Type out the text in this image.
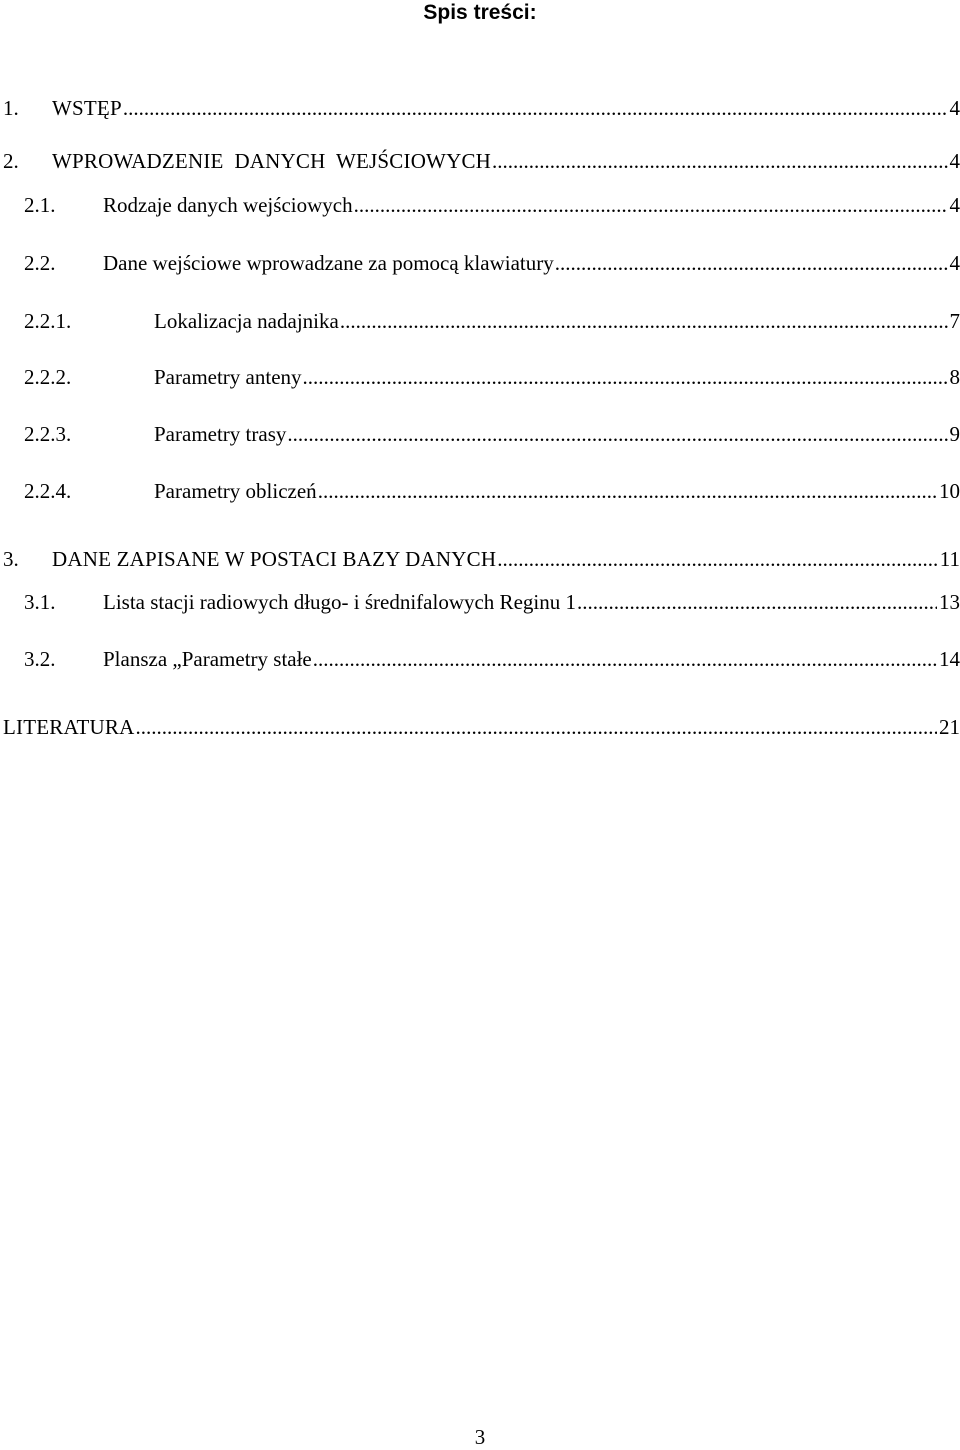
Spis treści:
1. WSTĘP .....	4
2. WPROWADZENIE  DANYCH  WEJŚCIOWYCH .....	4
2.1. Rodzaje danych wejściowych .....	4
2.2. Dane wejściowe wprowadzane za pomocą klawiatury .....	4
2.2.1.	Lokalizacja nadajnika .....	7
2.2.2.	Parametry anteny .....	8
2.2.3.	Parametry trasy .....	9
2.2.4.	Parametry obliczeń .....	10
3. DANE ZAPISANE W POSTACI BAZY DANYCH .....	11
3.1. Lista stacji radiowych długo- i średnifalowych Reginu 1 .....	13
3.2. Plansza „Parametry stałe .....	14
LITERATURA .....	21
3
